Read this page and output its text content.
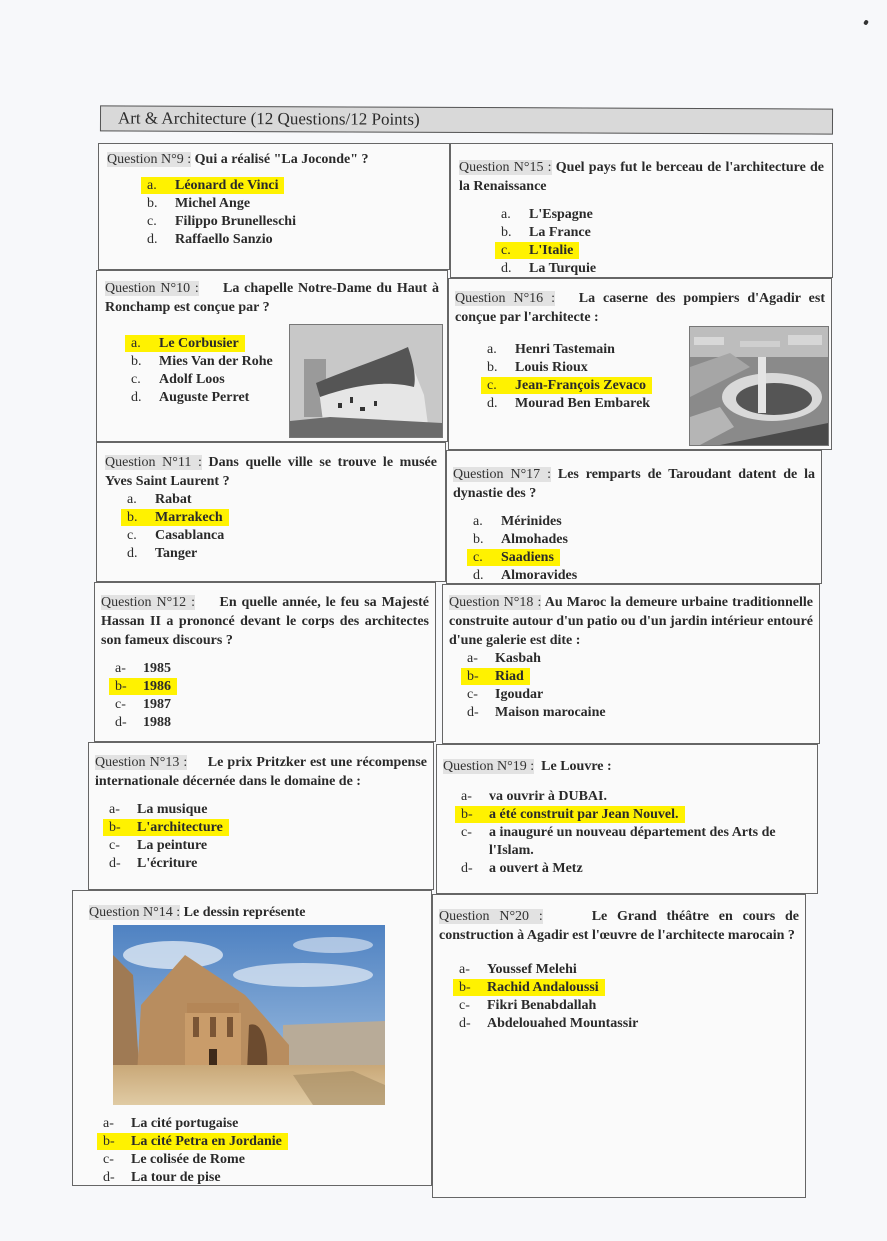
Art & Architecture (12 Questions/12 Points)
Question N°9 : Qui a réalisé "La Joconde" ?
a. Léonard de Vinci
b. Michel Ange
c. Filippo Brunelleschi
d. Raffaello Sanzio
Question N°10 : La chapelle Notre-Dame du Haut à Ronchamp est conçue par ?
a. Le Corbusier
b. Mies Van der Rohe
c. Adolf Loos
d. Auguste Perret
Question N°11 : Dans quelle ville se trouve le musée Yves Saint Laurent ?
a. Rabat
b. Marrakech
c. Casablanca
d. Tanger
Question N°12 : En quelle année, le feu sa Majesté Hassan II a prononcé devant le corps des architectes son fameux discours ?
a- 1985
b- 1986
c- 1987
d- 1988
Question N°13 : Le prix Pritzker est une récompense internationale décernée dans le domaine de :
a- La musique
b- L'architecture
c- La peinture
d- L'écriture
Question N°14 : Le dessin représente
a- La cité portugaise
b- La cité Petra en Jordanie
c- Le colisée de Rome
d- La tour de pise
Question N°15 : Quel pays fut le berceau de l'architecture de la Renaissance
a. L'Espagne
b. La France
c. L'Italie
d. La Turquie
Question N°16 : La caserne des pompiers d'Agadir est conçue par l'architecte :
a. Henri Tastemain
b. Louis Rioux
c. Jean-François Zevaco
d. Mourad Ben Embarek
Question N°17 : Les remparts de Taroudant datent de la dynastie des ?
a. Mérinides
b. Almohades
c. Saadiens
d. Almoravides
Question N°18 : Au Maroc la demeure urbaine traditionnelle construite autour d'un patio ou d'un jardin intérieur entouré d'une galerie est dite :
a- Kasbah
b- Riad
c- Igoudar
d- Maison marocaine
Question N°19 : Le Louvre :
a- va ouvrir à DUBAI.
b- a été construit par Jean Nouvel.
c- a inauguré un nouveau département des Arts de l'Islam.
d- a ouvert à Metz
Question N°20 :	Le Grand théâtre en cours de construction à Agadir est l'œuvre de l'architecte marocain ?
a- Youssef Melehi
b- Rachid Andaloussi
c- Fikri Benabdallah
d- Abdelouahed Mountassir
